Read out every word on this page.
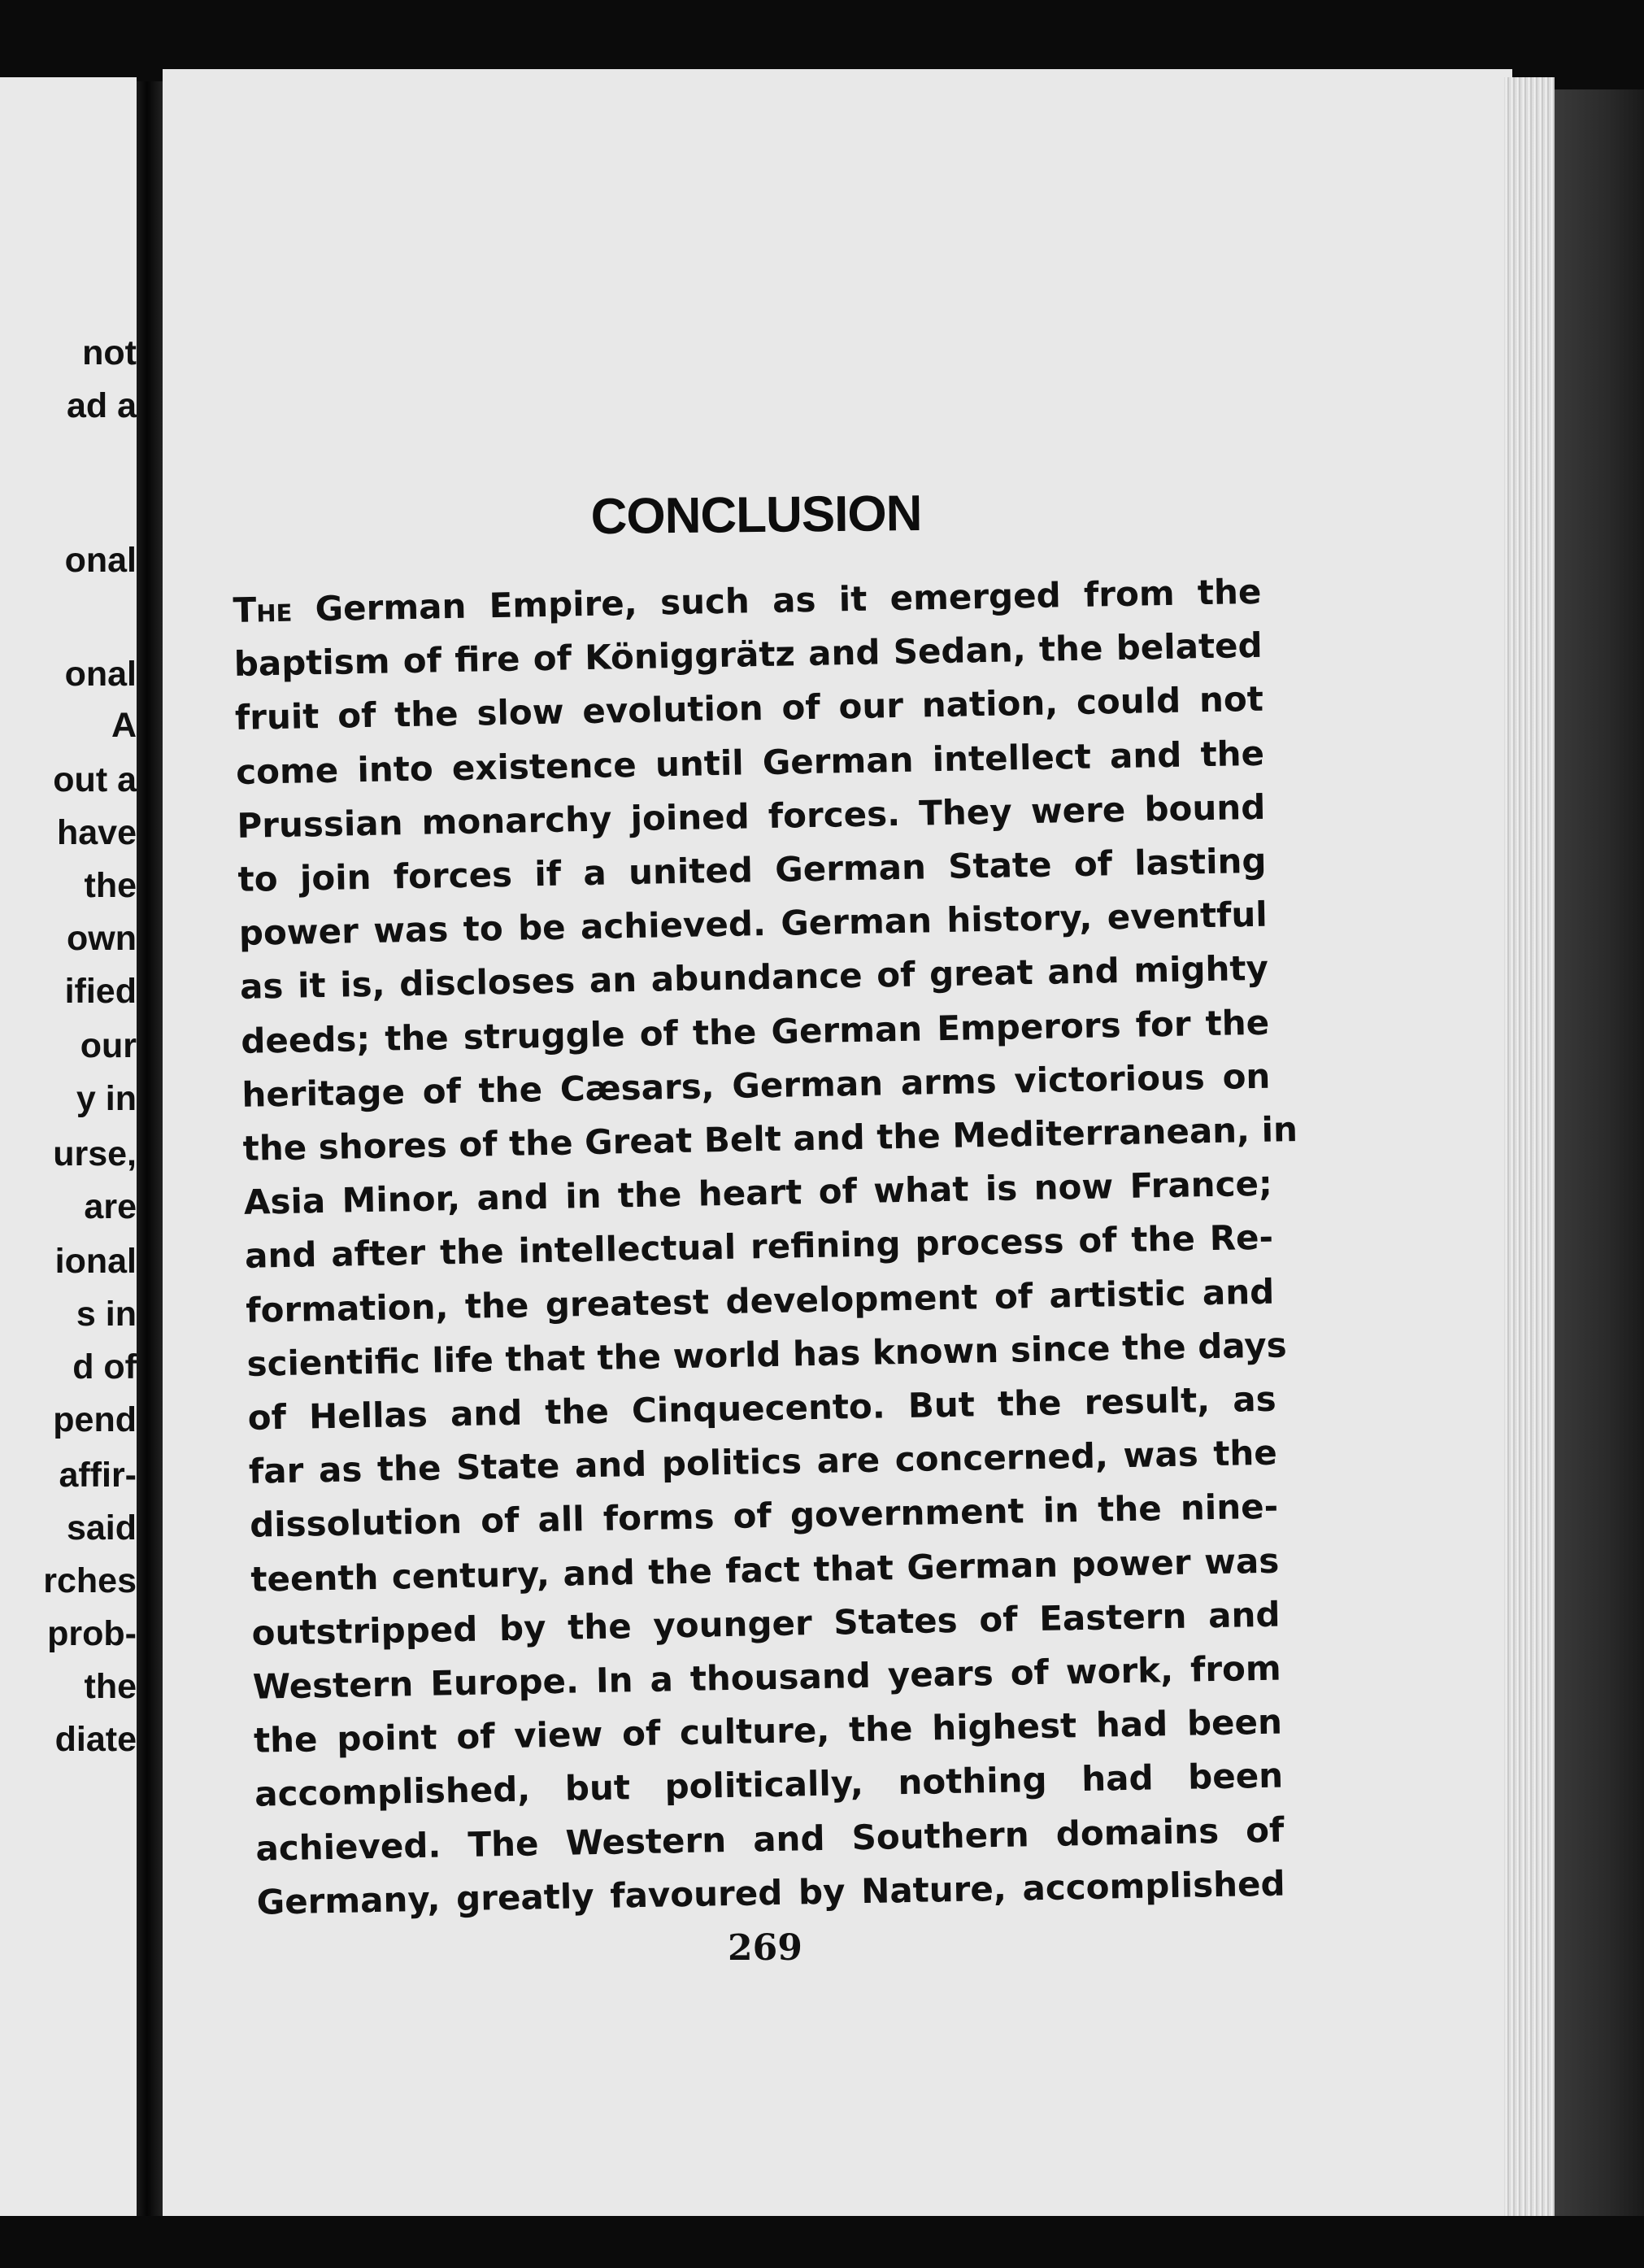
not
ad a
onal
onal
A
out a
have
the
own
ified
our
y in
urse,
are
ional
s in
d of
pend
affir-
said
rches
prob-
the
diate
CONCLUSION
The German Empire, such as it emerged from the
baptism of fire of Königgrätz and Sedan, the belated
fruit of the slow evolution of our nation, could not
come into existence until German intellect and the
Prussian monarchy joined forces. They were bound
to join forces if a united German State of lasting
power was to be achieved. German history, eventful
as it is, discloses an abundance of great and mighty
deeds; the struggle of the German Emperors for the
heritage of the Cæsars, German arms victorious on
the shores of the Great Belt and the Mediterranean, in
Asia Minor, and in the heart of what is now France;
and after the intellectual refining process of the Re-
formation, the greatest development of artistic and
scientific life that the world has known since the days
of Hellas and the Cinquecento. But the result, as
far as the State and politics are concerned, was the
dissolution of all forms of government in the nine-
teenth century, and the fact that German power was
outstripped by the younger States of Eastern and
Western Europe. In a thousand years of work, from
the point of view of culture, the highest had been
accomplished, but politically, nothing had been
achieved. The Western and Southern domains of
Germany, greatly favoured by Nature, accomplished
269
